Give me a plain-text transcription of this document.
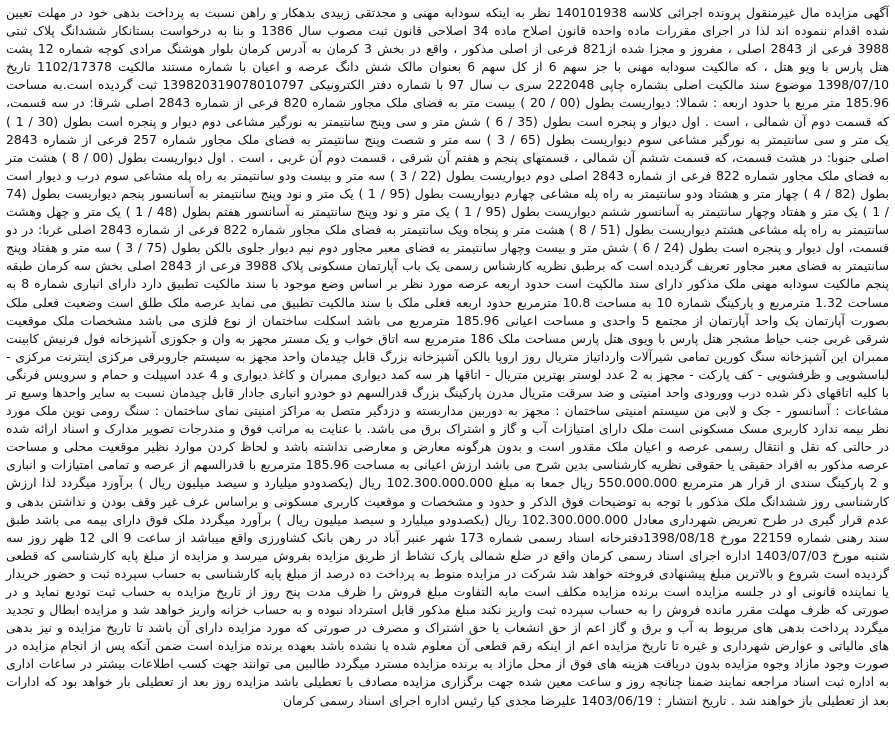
آگهی مزایده مال غیرمنقول پرونده اجرائی کلاسه 140101938 نظر به اینکه سودابه مهنی و مجدتقی زبیدی بدهکار و راهن نسبت به پرداخت بدهی خود در مهلت تعیین شده اقدام ننموده اند لذا در اجرای مقررات ماده واحده قانون اصلاح ماده 34 اصلاحی قانون ثبت مصوب سال 1386 و بنا به درخواست بستانکار ششدانگ پلاک ثبتی 3988 فرعی از 2843 اصلی ، مفروز و مجزا شده از821 فرعی از اصلی مذکور ، واقع در بخش 3 کرمان به آدرس کرمان بلوار هوشنگ مرادی کوچه شماره 12 پشت هتل پارس با ویو هتل ، که مالکیت سودابه مهنی با جز سهم 6 از کل سهم 6 بعنوان مالک شش دانگ عرصه و اعیان با شماره مستند مالکیت 1102/17378 تاریخ 1398/07/10 موضوع سند مالکیت اصلی بشماره چاپی 222048 سری ب سال 97 با شماره دفتر الکترونیکی 139820319078010797 ثبت گردیده است.به مساحت 185.96 متر مربع با حدود اربعه : شمالا: دیواریست بطول (00 / 20 ) بیست متر به فضای ملک مجاور شماره 820 فرعی از شماره 2843 اصلی شرقا: در سه قسمت، که قسمت دوم آن شمالی ، است . اول دیوار و پنجره است بطول (35 / 6 ) شش متر و سی وپنج سانتیمتر به نورگیر مشاعی دوم دیوار و پنجره است بطول (30 / 1 ) یک متر و سی سانتیمتر به نورگیر مشاعی سوم دیواریست بطول (65 / 3 ) سه متر و شصت وپنج سانتیمتر به فضای ملک مجاور شماره 257 فرعی از شماره 2843 اصلی جنوبا: در هشت قسمت، که قسمت ششم آن شمالی ، قسمتهای پنجم و هفتم آن شرقی ، قسمت دوم آن غربی ، است . اول دیواریست بطول (00 / 8 ) هشت متر به فضای ملک مجاور شماره 822 فرعی از شماره 2843 اصلی دوم دیواریست بطول (22 / 3 ) سه متر و بیست ودو سانتیمتر به راه پله مشاعی سوم درب و دیوار است بطول (82 / 4 ) چهار متر و هشتاد ودو سانتیمتر به راه پله مشاعی چهارم دیواریست بطول (95 / 1 ) یک متر و نود وپنج سانتیمتر به آسانسور پنجم دیواریست بطول (74 / 1 ) یک متر و هفتاد وچهار سانتیمتر به آسانسور ششم دیواریست بطول (95 / 1 ) یک متر و نود وپنج سانتیمتر به آسانسور هفتم بطول (48 / 1 ) یک متر و چهل وهشت سانتیمتر به راه پله مشاعی هشتم دیواریست بطول (51 / 8 ) هشت متر و پنجاه ویک سانتیمتر به فضای ملک مجاور شماره 822 فرعی از شماره 2843 اصلی غربا: در دو قسمت، اول دیوار و پنجره است بطول (24 / 6 ) شش متر و بیست وچهار سانتیمتر به فضای معبر مجاور دوم نیم دیوار جلوی بالکن بطول (75 / 3 ) سه متر و هفتاد وپنج سانتیمتر به فضای معبر مجاور تعریف گردیده است که برطبق نظریه کارشناس رسمی یک باب آپارتمان مسکونی پلاک 3988 فرعی از 2843 اصلی بخش سه کرمان طبقه پنجم مالکیت سودابه مهنی ملک مذکور دارای سند مالکیت است حدود اربعه عرصه مورد نظر بر اساس وضع موجود با سند مالکیت تطبیق دارد دارای انباری شماره 8 به مساحت 1.32 مترمربع و پارکینگ شماره 10 به مساحت 10.8 مترمربع حدود اربعه فعلی ملک با سند مالکیت تطبیق می نماید عرصه ملک طلق است وضعیت فعلی ملک بصورت آپارتمان یک واحد آپارتمان از مجتمع 5 واحدی و مساحت اعیانی 185.96 مترمربع می باشد اسکلت ساختمان از نوع فلزی می باشد مشخصات ملک موقعیت شرقی غربی جنب حیاط مشجر هتل پارس با ویوی هتل پارس مساحت ملک 186 مترمربع سه اتاق خواب و یک مستر مجهز به وان و جکوزی آشپزخانه فول فرنیش کابینت ممبران این آشپزخانه سنگ کورین تمامی شیرآلات وارداتیاز متریال روز اروپا بالکن آشپزخانه بزرگ قابل چیدمان واحد مجهز به سیستم جاروبرقی مرکزی اینترنت مرکزی - لباسشویی و ظرفشویی - کف پارکت - مجهز به 2 عدد لوستر بهترین متریال - اتاقها هر سه کمد دیواری ممبران و کاغذ دیواری و 4 عدد اسپیلت و حمام و سرویس فرنگی با کلیه اتاقهای ذکر شده درب وورودی واحد امنیتی و ضد سرقت متریال مدرن پارکینگ بزرگ قدرالسهم دو خودرو انباری جادار قابل چیدمان نسبت به سایر واحدها وسیع تر مشاعات : آسانسور - جک و لابی من سیستم امنیتی ساختمان : مجهز به دوربین مداربسته و دزدگیر متصل به مراکز امنیتی نمای ساختمان : سنگ رومی نوین ملک مورد نظر بیمه ندارد کاربری مسک مسکونی است ملک دارای امتیازات آب و گاز و اشتراک برق می باشد. با عنایت به مراتب فوق و مندرجات تصویر مدارک و اسناد ارائه شده در حالتی که نقل و انتقال رسمی عرصه و اعیان ملک مقدور است و بدون هرگونه معارض و معارضی نداشته باشد و لحاظ کردن موارد نظیر موقعیت محلی و مساحت عرصه مذکور به افراد حقیقی یا حقوقی نظریه کارشناسی بدین شرح می باشد ارزش اعیانی به مساحت 185.96 مترمربع با قدرالسهم از عرصه و تمامی امتیازات و انباری و 2 پارکینگ سندی از قرار هر مترمربع 550.000.000 ریال جمعا به مبلغ 102.300.000.000 ریال (یکصدودو میلیارد و سیصد میلیون ریال ) برآورد میگردد لذا ارزش کارشناسی روز ششدانگ ملک مذکور با توجه به توضیحات فوق الذکر و حدود و مشخصات و موقعیت کاربری مسکونی و براساس عرف غیر وقف بودن و نداشتن بدهی و عدم قرار گیری در طرح تعریض شهرداری معادل 102.300.000.000 ریال (یکصدودو میلیارد و سیصد میلیون ریال ) برآورد میگردد ملک فوق دارای بیمه می باشد طبق سند رهنی شماره 22159 مورخ 1398/08/18دفترخانه اسناد رسمی شماره 173 شهر عنبر آباد در رهن بانک کشاورزی واقع میباشد از ساعت 9 الی 12 ظهر روز سه شنبه مورخ 1403/07/03 اداره اجرای اسناد رسمی کرمان واقع در ضلع شمالی پارک نشاط از طریق مزایده بفروش میرسد و مزایده از مبلغ پایه کارشناسی که قطعی گردیده است شروع و بالاترین مبلغ پیشنهادی فروخته خواهد شد شرکت در مزایده منوط به پرداخت ده درصد از مبلغ پایه کارشناسی به حساب سپرده ثبت و حضور خریدار یا نماینده قانونی او در جلسه مزایده است برنده مزایده مکلف است مابه التفاوت مبلغ فروش را ظرف مدت پنج روز از تاریخ مزایده به حساب ثبت تودیع نماید و در صورتی که ظرف مهلت مقرر مانده فروش را به حساب سپرده ثبت واریز نکند مبلغ مذکور قابل استرداد نبوده و به حساب خزانه واریز خواهد شد و مزایده ابطال و تجدید میگردد پرداخت بدهی های مربوط به آب و برق و گاز اعم از حق انشعاب یا حق اشتراک و مصرف در صورتی که مورد مزایده دارای آن باشد تا تاریخ مزایده و نیز بدهی های مالیاتی و عوارض شهرداری و غیره تا تاریخ مزایده اعم از اینکه رقم قطعی آن معلوم شده یا نشده باشد بعهده برنده مزایده است ضمن آنکه پس از انجام مزایده در صورت وجود مازاد وجوه مزایده بدون دریافت هزینه های فوق از محل مازاد به برنده مزایده مسترد میگردد طالبین می توانند جهت کسب اطلاعات بیشتر در ساعات اداری به اداره ثبت اسناد مراجعه نمایند ضمنا چنانچه روز و ساعت معین شده جهت برگزاری مزایده مصادف با تعطیلی باشد مزایده روز بعد از تعطیلی بار خواهد بود که ادارات بعد از تعطیلی باز خواهند شد . تاریخ انتشار : 1403/06/19 علیرضا مجدی کیا رئیس اداره اجرای اسناد رسمی کرمان
